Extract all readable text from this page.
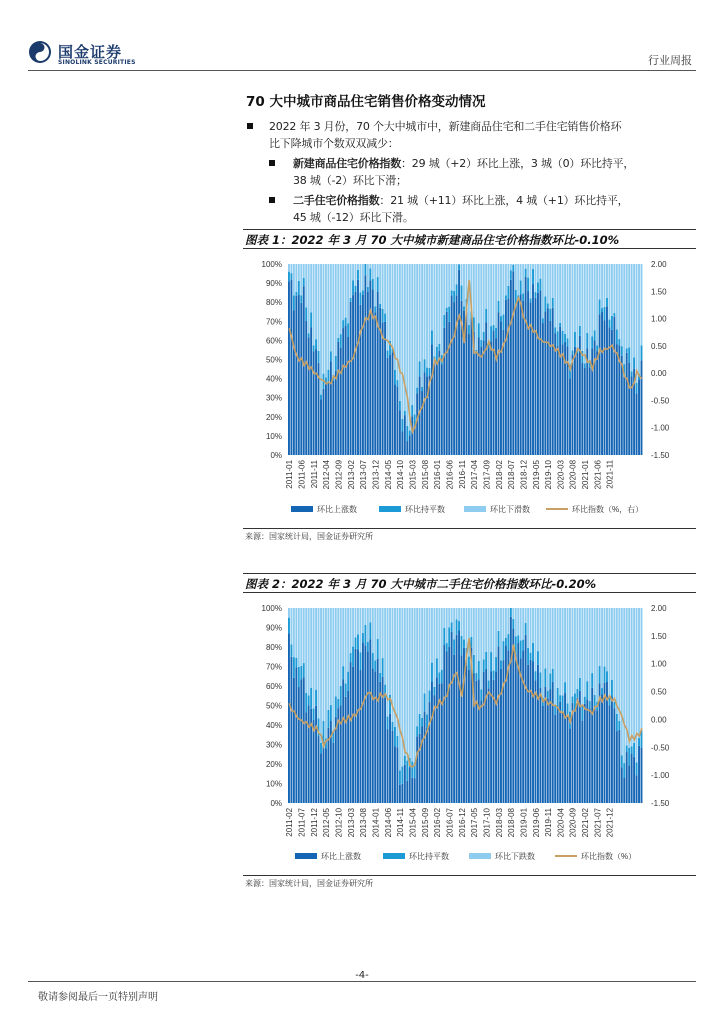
国金证券
SINOLINK SECURITIES	行业周报
70 大中城市商品住宅销售价格变动情况
2022 年 3 月份，70 个大中城市中，新建商品住宅和二手住宅销售价格环
比下降城市个数双双减少：
新建商品住宅价格指数：29 城（+2）环比上涨，3 城（0）环比持平，
38 城（-2）环比下滑；
二手住宅价格指数：21 城（+11）环比上涨，4 城（+1）环比持平，
45 城（-12）环比下滑。
图表 1：2022 年 3 月 70 大中城市新建商品住宅价格指数环比-0.10%
0%
10%
20%
30%
40%
50%
60%
70%
80%
90%
100%
-1.50
-1.00
-0.50
0.00
0.50
1.00
1.50
2.00
2011-01 2011-06 2011-11 2012-04 2012-09 2013-02 2013-07 2013-12 2014-05 2014-10 2015-03 2015-08 2016-01 2016-06 2016-11 2017-04 2017-09 2018-02 2018-07 2018-12 2019-05 2019-10 2020-03 2020-08 2021-01 2021-06 2021-11
环比上涨数	环比持平数	环比下滑数	环比指数（%，右）
来源：国家统计局，国金证券研究所
图表 2：2022 年 3 月 70 大中城市二手住宅价格指数环比-0.20%
0%
10%
20%
30%
40%
50%
60%
70%
80%
90%
100%
-1.50
-1.00
-0.50
0.00
0.50
1.00
1.50
2.00
2011-02 2011-07 2011-12 2012-05 2012-10 2013-03 2013-08 2014-01 2014-06 2014-11 2015-04 2015-09 2016-02 2016-07 2016-12 2017-05 2017-10 2018-03 2018-08 2019-01 2019-06 2019-11 2020-04 2020-09 2021-02 2021-07 2021-12
环比上涨数	环比持平数	环比下跌数	环比指数（%）
来源：国家统计局，国金证券研究所
-4-
敬请参阅最后一页特别声明
